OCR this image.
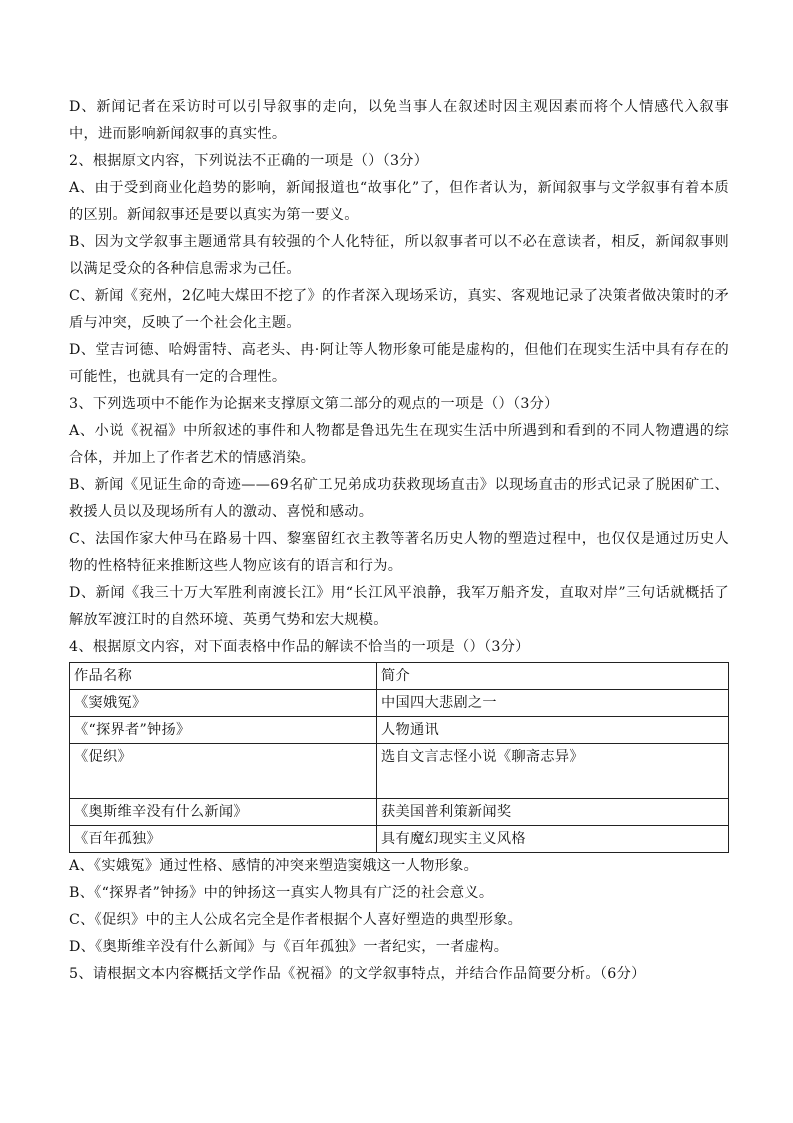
D、新闻记者在采访时可以引导叙事的走向，以免当事人在叙述时因主观因素而将个人情感代入叙事中，进而影响新闻叙事的真实性。

2、根据原文内容，下列说法不正确的一项是（）（3分）

A、由于受到商业化趋势的影响，新闻报道也“故事化”了，但作者认为，新闻叙事与文学叙事有着本质的区别。新闻叙事还是要以真实为第一要义。

B、因为文学叙事主题通常具有较强的个人化特征，所以叙事者可以不必在意读者，相反，新闻叙事则以满足受众的各种信息需求为己任。

C、新闻《兖州，2亿吨大煤田不挖了》的作者深入现场采访，真实、客观地记录了决策者做决策时的矛盾与冲突，反映了一个社会化主题。

D、堂吉诃德、哈姆雷特、高老头、冉·阿让等人物形象可能是虚构的，但他们在现实生活中具有存在的可能性，也就具有一定的合理性。

3、下列选项中不能作为论据来支撑原文第二部分的观点的一项是（）（3分）

A、小说《祝福》中所叙述的事件和人物都是鲁迅先生在现实生活中所遇到和看到的不同人物遭遇的综合体，并加上了作者艺术的情感消染。

B、新闻《见证生命的奇迹——69名矿工兄弟成功获救现场直击》以现场直击的形式记录了脱困矿工、救援人员以及现场所有人的激动、喜悦和感动。

C、法国作家大仲马在路易十四、黎塞留红衣主教等著名历史人物的塑造过程中，也仅仅是通过历史人物的性格特征来推断这些人物应该有的语言和行为。

D、新闻《我三十万大军胜利南渡长江》用“长江风平浪静，我军万船齐发，直取对岸”三句话就概括了解放军渡江时的自然环境、英勇气势和宏大规模。

4、根据原文内容，对下面表格中作品的解读不恰当的一项是（）（3分）

作品名称	简介
《窦娥冤》	中国四大悲剧之一
《“探界者”钟扬》	人物通讯
《促织》	选自文言志怪小说《聊斋志异》
《奥斯维辛没有什么新闻》	获美国普利策新闻奖
《百年孤独》	具有魔幻现实主义风格

A、《实娥冤》通过性格、感情的冲突来塑造窦娥这一人物形象。

B、《“探界者”钟扬》中的钟扬这一真实人物具有广泛的社会意义。

C、《促织》中的主人公成名完全是作者根据个人喜好塑造的典型形象。

D、《奥斯维辛没有什么新闻》与《百年孤独》一者纪实，一者虚构。

5、请根据文本内容概括文学作品《祝福》的文学叙事特点，并结合作品简要分析。（6分）
